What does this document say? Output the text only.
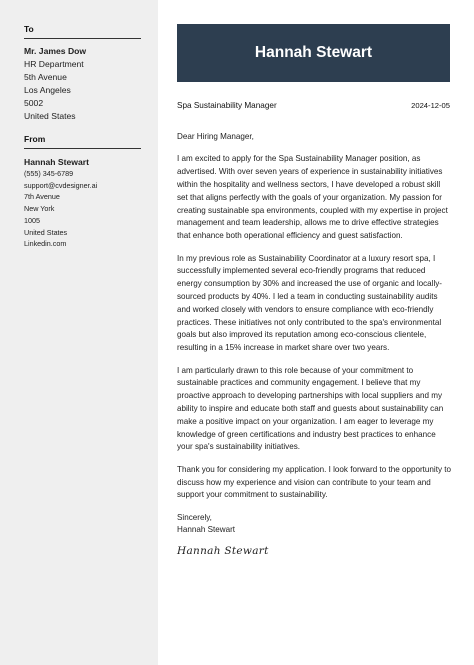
To
Mr. James Dow
HR Department
5th Avenue
Los Angeles
5002
United States
From
Hannah Stewart
(555) 345-6789
support@cvdesigner.ai
7th Avenue
New York
1005
United States
Linkedin.com
Hannah Stewart
Spa Sustainability Manager	2024-12-05

Dear Hiring Manager,

I am excited to apply for the Spa Sustainability Manager position, as advertised. With over seven years of experience in sustainability initiatives within the hospitality and wellness sectors, I have developed a robust skill set that aligns perfectly with the goals of your organization. My passion for creating sustainable spa environments, coupled with my expertise in project management and team leadership, allows me to drive effective strategies that enhance both operational efficiency and guest satisfaction.

In my previous role as Sustainability Coordinator at a luxury resort spa, I successfully implemented several eco-friendly programs that reduced energy consumption by 30% and increased the use of organic and locally-sourced products by 40%. I led a team in conducting sustainability audits and worked closely with vendors to ensure compliance with eco-friendly practices. These initiatives not only contributed to the spa's environmental goals but also improved its reputation among eco-conscious clientele, resulting in a 15% increase in market share over two years.

I am particularly drawn to this role because of your commitment to sustainable practices and community engagement. I believe that my proactive approach to developing partnerships with local suppliers and my ability to inspire and educate both staff and guests about sustainability can make a positive impact on your organization. I am eager to leverage my knowledge of green certifications and industry best practices to enhance your spa's sustainability initiatives.

Thank you for considering my application. I look forward to the opportunity to discuss how my experience and vision can contribute to your team and support your commitment to sustainability.

Sincerely,
Hannah Stewart
Hannah Stewart
